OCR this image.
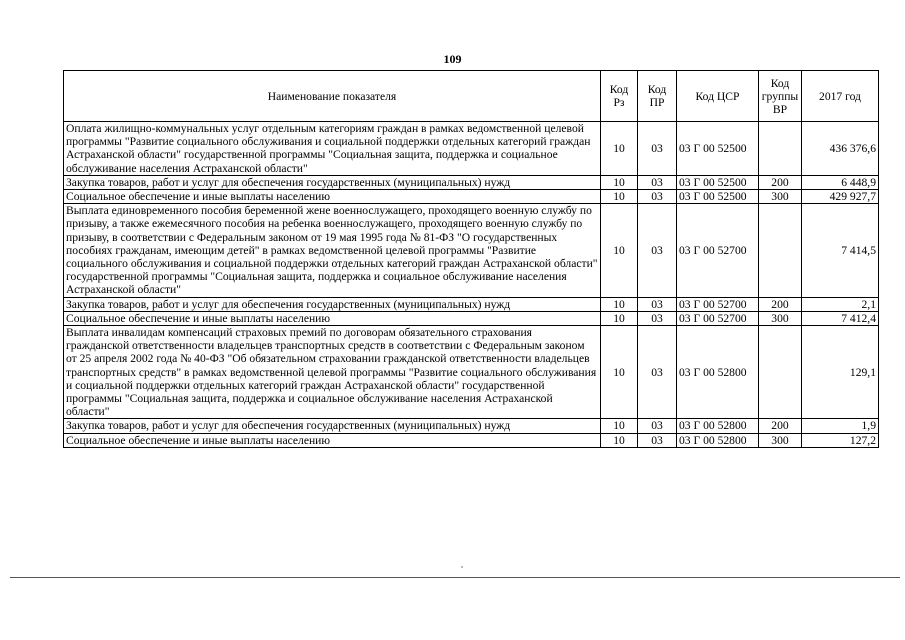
109
Наименование показателя	Код Рз	Код ПР	Код ЦСР	Код группы ВР	2017 год
Оплата жилищно-коммунальных услуг отдельным категориям граждан в рамках ведомственной целевой программы "Развитие социального обслуживания и социальной поддержки отдельных категорий граждан Астраханской области" государственной программы "Социальная защита, поддержка и социальное обслуживание населения Астраханской области"	10	03	03 Г 00 52500		436 376,6
Закупка товаров, работ и услуг для обеспечения государственных (муниципальных) нужд	10	03	03 Г 00 52500	200	6 448,9
Социальное обеспечение и иные выплаты населению	10	03	03 Г 00 52500	300	429 927,7
Выплата единовременного пособия беременной жене военнослужащего, проходящего военную службу по призыву, а также ежемесячного пособия на ребенка военнослужащего, проходящего военную службу по призыву, в соответствии с Федеральным законом от 19 мая 1995 года № 81-ФЗ "О государственных пособиях гражданам, имеющим детей" в рамках ведомственной целевой программы "Развитие социального обслуживания и социальной поддержки отдельных категорий граждан Астраханской области" государственной программы "Социальная защита, поддержка и социальное обслуживание населения Астраханской области"	10	03	03 Г 00 52700		7 414,5
Закупка товаров, работ и услуг для обеспечения государственных (муниципальных) нужд	10	03	03 Г 00 52700	200	2,1
Социальное обеспечение и иные выплаты населению	10	03	03 Г 00 52700	300	7 412,4
Выплата инвалидам компенсаций страховых премий по договорам обязательного страхования гражданской ответственности владельцев транспортных средств в соответствии с Федеральным законом от 25 апреля 2002 года № 40-ФЗ "Об обязательном страховании гражданской ответственности владельцев транспортных средств" в рамках ведомственной целевой программы "Развитие социального обслуживания и социальной поддержки отдельных категорий граждан Астраханской области" государственной программы "Социальная защита, поддержка и социальное обслуживание населения Астраханской области"	10	03	03 Г 00 52800		129,1
Закупка товаров, работ и услуг для обеспечения государственных (муниципальных) нужд	10	03	03 Г 00 52800	200	1,9
Социальное обеспечение и иные выплаты населению	10	03	03 Г 00 52800	300	127,2
